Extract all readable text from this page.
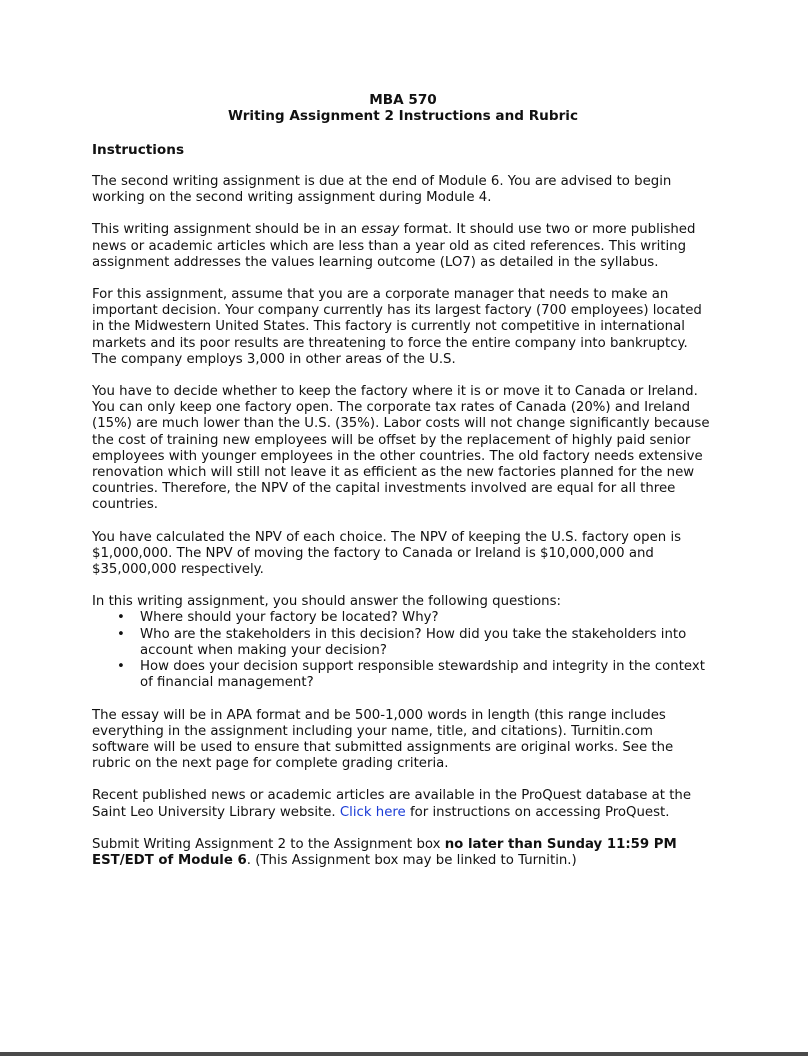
MBA 570
Writing Assignment 2 Instructions and Rubric
Instructions

The second writing assignment is due at the end of Module 6. You are advised to begin working on the second writing assignment during Module 4.

This writing assignment should be in an essay format. It should use two or more published news or academic articles which are less than a year old as cited references. This writing assignment addresses the values learning outcome (LO7) as detailed in the syllabus.

For this assignment, assume that you are a corporate manager that needs to make an important decision. Your company currently has its largest factory (700 employees) located in the Midwestern United States. This factory is currently not competitive in international markets and its poor results are threatening to force the entire company into bankruptcy. The company employs 3,000 in other areas of the U.S.

You have to decide whether to keep the factory where it is or move it to Canada or Ireland. You can only keep one factory open. The corporate tax rates of Canada (20%) and Ireland (15%) are much lower than the U.S. (35%). Labor costs will not change significantly because the cost of training new employees will be offset by the replacement of highly paid senior employees with younger employees in the other countries. The old factory needs extensive renovation which will still not leave it as efficient as the new factories planned for the new countries. Therefore, the NPV of the capital investments involved are equal for all three countries.

You have calculated the NPV of each choice. The NPV of keeping the U.S. factory open is $1,000,000. The NPV of moving the factory to Canada or Ireland is $10,000,000 and $35,000,000 respectively.

In this writing assignment, you should answer the following questions:

• Where should your factory be located? Why?
• Who are the stakeholders in this decision? How did you take the stakeholders into account when making your decision?
• How does your decision support responsible stewardship and integrity in the context of financial management?

The essay will be in APA format and be 500-1,000 words in length (this range includes everything in the assignment including your name, title, and citations). Turnitin.com software will be used to ensure that submitted assignments are original works. See the rubric on the next page for complete grading criteria.

Recent published news or academic articles are available in the ProQuest database at the Saint Leo University Library website. Click here for instructions on accessing ProQuest.

Submit Writing Assignment 2 to the Assignment box no later than Sunday 11:59 PM EST/EDT of Module 6. (This Assignment box may be linked to Turnitin.)
